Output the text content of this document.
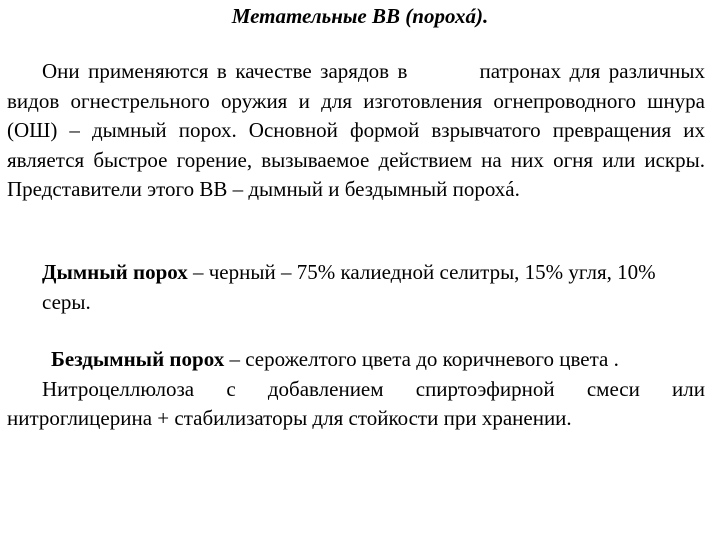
Метательные ВВ (порохá).

Они применяются в качестве зарядов в	патронах для различных видов огнестрельного оружия и для изготовления огнепроводного шнура (ОШ) – дымный порох. Основной формой взрывчатого превращения их является быстрое горение, вызываемое действием на них огня или искры. Представители этого ВВ – дымный и бездымный порохá.

Дымный порох – черный – 75% калиедной селитры, 15% угля, 10% серы.

Бездымный порох – серожелтого цвета до коричневого цвета .
Нитроцеллюлоза с добавлением спиртоэфирной смеси или нитроглицерина + стабилизаторы для стойкости при хранении.
